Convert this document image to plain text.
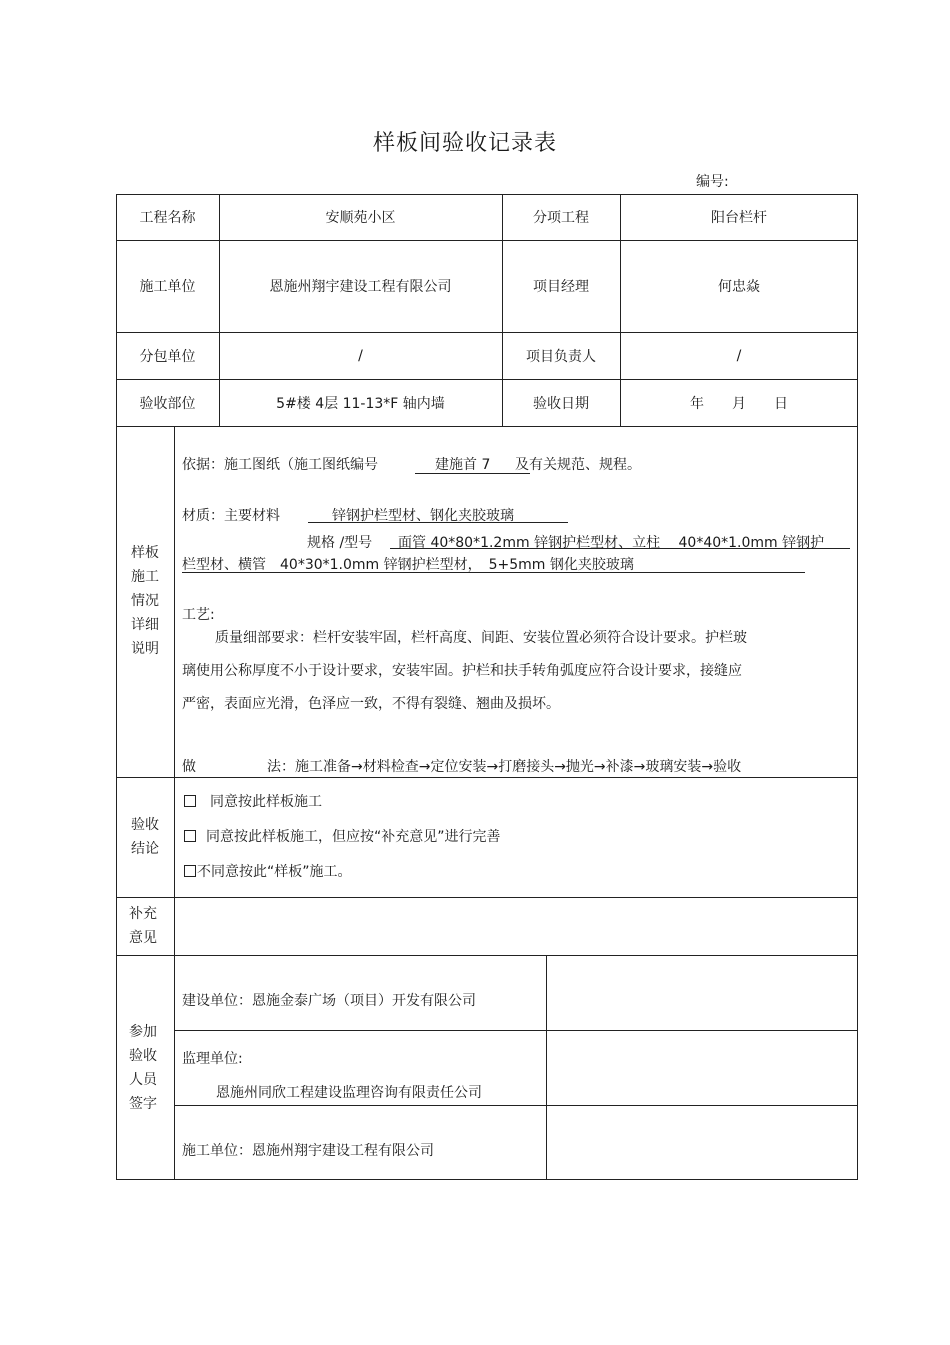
样板间验收记录表
编号:
工程名称	安顺苑小区	分项工程	阳台栏杆
施工单位	恩施州翔宇建设工程有限公司	项目经理	何忠焱
分包单位	/	项目负责人	/
验收部位	5#楼 4层 11-13*F 轴内墙	验收日期	年　　月　　日
样板
施工
情况
详细
说明
依据：施工图纸（施工图纸编号	建施首 7 及有关规范、规程。
材质：主要材料	锌钢护栏型材、钢化夹胶玻璃
规格 /型号 面管 40*80*1.2mm 锌钢护栏型材、立柱　 40*40*1.0mm 锌钢护
栏型材、横管　40*30*1.0mm 锌钢护栏型材，　5+5mm 钢化夹胶玻璃
工艺:
质量细部要求：栏杆安装牢固，栏杆高度、间距、安装位置必须符合设计要求。护栏玻
璃使用公称厚度不小于设计要求，安装牢固。护栏和扶手转角弧度应符合设计要求，接缝应
严密，表面应光滑，色泽应一致，不得有裂缝、翘曲及损坏。
做	法：施工准备→材料检查→定位安装→打磨接头→抛光→补漆→玻璃安装→验收
验收
结论
同意按此样板施工
同意按此样板施工，但应按“补充意见”进行完善
不同意按此“样板”施工。
补充
意见
参加
验收
人员
签字
建设单位：恩施金泰广场（项目）开发有限公司
监理单位:
恩施州同欣工程建设监理咨询有限责任公司
施工单位：恩施州翔宇建设工程有限公司
